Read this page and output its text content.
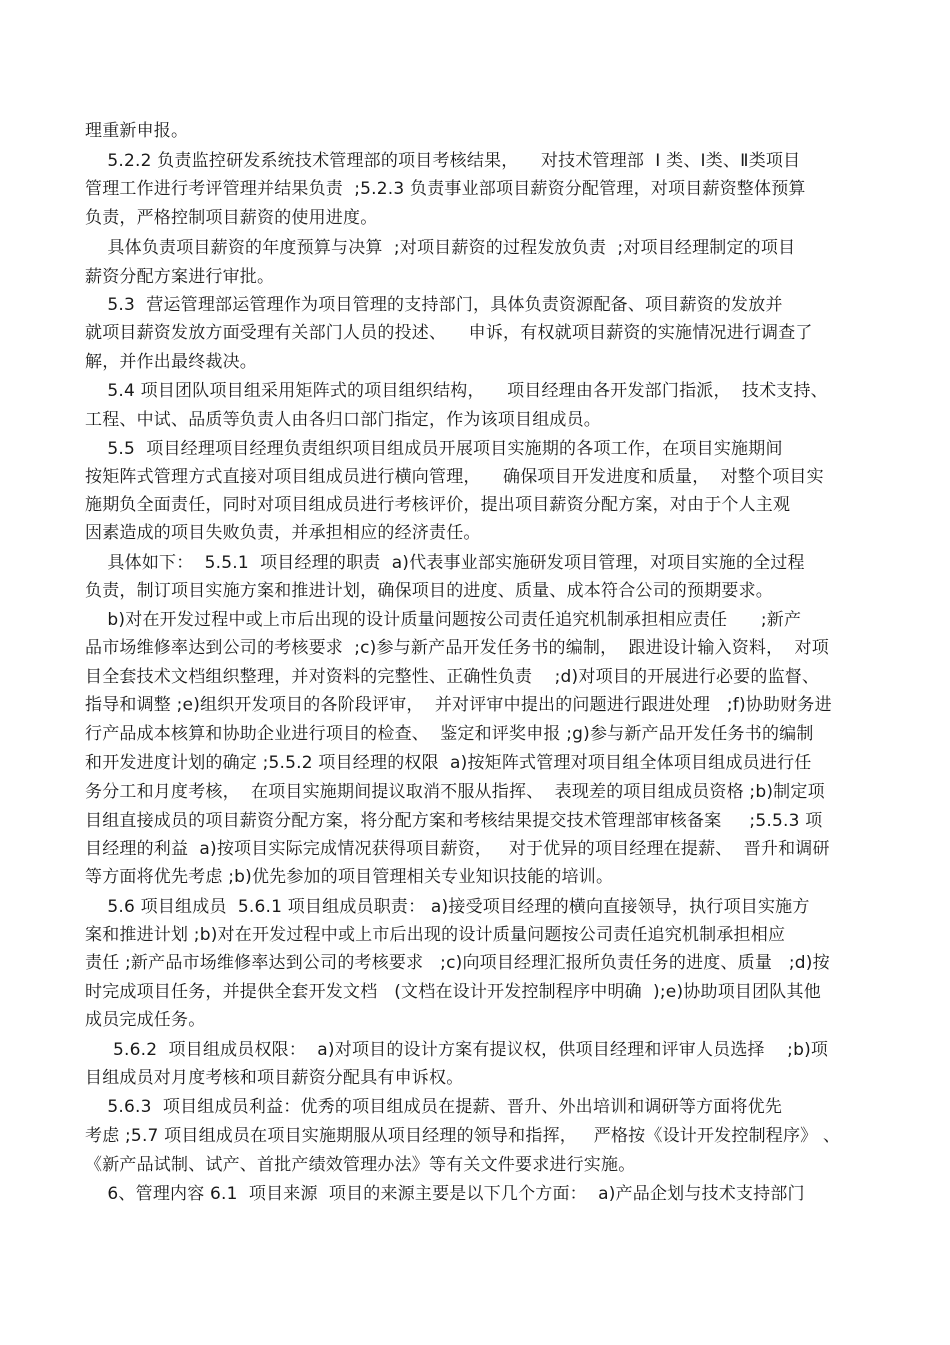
理重新申报。
5.2.2 负责监控研发系统技术管理部的项目考核结果，    对技术管理部  I 类、Ⅰ类、Ⅱ类项目
管理工作进行考评管理并结果负责  ;5.2.3 负责事业部项目薪资分配管理，对项目薪资整体预算
负责，严格控制项目薪资的使用进度。
具体负责项目薪资的年度预算与决算  ;对项目薪资的过程发放负责  ;对项目经理制定的项目
薪资分配方案进行审批。
5.3  营运管理部运管理作为项目管理的支持部门，具体负责资源配备、项目薪资的发放并
就项目薪资发放方面受理有关部门人员的投述、    申诉，有权就项目薪资的实施情况进行调查了
解，并作出最终裁决。
5.4 项目团队项目组采用矩阵式的项目组织结构，    项目经理由各开发部门指派，  技术支持、
工程、中试、品质等负责人由各归口部门指定，作为该项目组成员。
5.5  项目经理项目经理负责组织项目组成员开展项目实施期的各项工作，在项目实施期间
按矩阵式管理方式直接对项目组成员进行横向管理，    确保项目开发进度和质量，  对整个项目实
施期负全面责任，同时对项目组成员进行考核评价，提出项目薪资分配方案，对由于个人主观
因素造成的项目失败负责，并承担相应的经济责任。
具体如下：  5.5.1  项目经理的职责  a)代表事业部实施研发项目管理，对项目实施的全过程
负责，制订项目实施方案和推进计划，确保项目的进度、质量、成本符合公司的预期要求。
b)对在开发过程中或上市后出现的设计质量问题按公司责任追究机制承担相应责任      ;新产
品市场维修率达到公司的考核要求  ;c)参与新产品开发任务书的编制，  跟进设计输入资料，  对项
目全套技术文档组织整理，并对资料的完整性、正确性负责    ;d)对项目的开展进行必要的监督、
指导和调整 ;e)组织开发项目的各阶段评审，  并对评审中提出的问题进行跟进处理   ;f)协助财务进
行产品成本核算和协助企业进行项目的检查、  鉴定和评奖申报 ;g)参与新产品开发任务书的编制
和开发进度计划的确定 ;5.5.2 项目经理的权限  a)按矩阵式管理对项目组全体项目组成员进行任
务分工和月度考核，  在项目实施期间提议取消不服从指挥、  表现差的项目组成员资格 ;b)制定项
目组直接成员的项目薪资分配方案，将分配方案和考核结果提交技术管理部审核备案     ;5.5.3 项
目经理的利益  a)按项目实际完成情况获得项目薪资，   对于优异的项目经理在提薪、  晋升和调研
等方面将优先考虑 ;b)优先参加的项目管理相关专业知识技能的培训。
5.6 项目组成员  5.6.1 项目组成员职责： a)接受项目经理的横向直接领导，执行项目实施方
案和推进计划 ;b)对在开发过程中或上市后出现的设计质量问题按公司责任追究机制承担相应
责任 ;新产品市场维修率达到公司的考核要求   ;c)向项目经理汇报所负责任务的进度、质量   ;d)按
时完成项目任务，并提供全套开发文档   (文档在设计开发控制程序中明确  );e)协助项目团队其他
成员完成任务。
5.6.2  项目组成员权限：  a)对项目的设计方案有提议权，供项目经理和评审人员选择    ;b)项
目组成员对月度考核和项目薪资分配具有申诉权。
5.6.3  项目组成员利益：优秀的项目组成员在提薪、晋升、外出培训和调研等方面将优先
考虑 ;5.7 项目组成员在项目实施期服从项目经理的领导和指挥，   严格按《设计开发控制程序》 、
《新产品试制、试产、首批产绩效管理办法》等有关文件要求进行实施。
6、管理内容 6.1  项目来源  项目的来源主要是以下几个方面：  a)产品企划与技术支持部门
